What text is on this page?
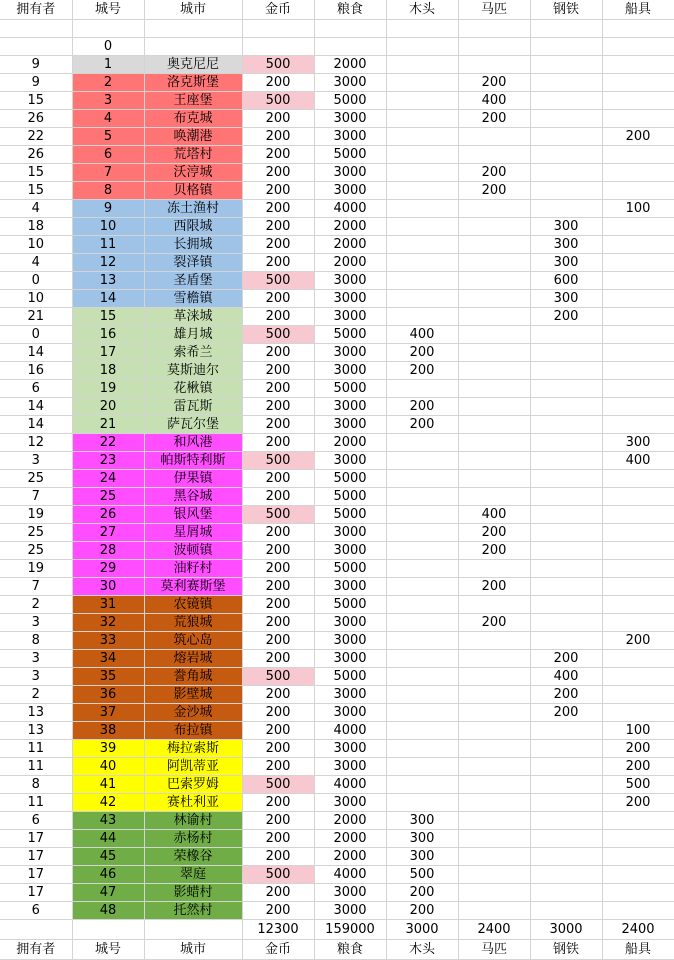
拥有者	城号	城市	金币	粮食	木头	马匹	钢铁	船具

	0							
9	1	奥克尼尼	500	2000				
9	2	洛克斯堡	200	3000		200		
15	3	王座堡	500	5000		400		
26	4	布克城	200	3000		200		
22	5	唤潮港	200	3000				200
26	6	荒塔村	200	5000				
15	7	沃涥城	200	3000		200		
15	8	贝格镇	200	3000		200		
4	9	冻土渔村	200	4000				100
18	10	西限城	200	2000			300	
10	11	长拥城	200	2000			300	
4	12	裂泽镇	200	2000			300	
0	13	圣盾堡	500	3000			600	
10	14	雪檐镇	200	3000			300	
21	15	革涞城	200	3000			200	
0	16	雄月城	500	5000	400			
14	17	索希兰	200	3000	200			
16	18	莫斯迪尔	200	3000	200			
6	19	花楸镇	200	5000				
14	20	雷瓦斯	200	3000	200			
14	21	萨瓦尔堡	200	3000	200			
12	22	和风港	200	2000				300
3	23	帕斯特利斯	500	3000				400
25	24	伊果镇	200	5000				
7	25	黑谷城	200	5000				
19	26	银风堡	500	5000		400		
25	27	星屑城	200	3000		200		
25	28	波顿镇	200	3000		200		
19	29	油籽村	200	5000				
7	30	莫利赛斯堡	200	3000		200		
2	31	农镜镇	200	5000				
3	32	荒狼城	200	3000		200		
8	33	筑心岛	200	3000				200
3	34	熔岩城	200	3000			200	
3	35	誊角城	500	5000			400	
2	36	影壁城	200	3000			200	
13	37	金沙城	200	3000			200	
13	38	布拉镇	200	4000				100
11	39	梅拉索斯	200	3000				200
11	40	阿凯蒂亚	200	3000				200
8	41	巴索罗姆	500	4000				500
11	42	赛杜利亚	200	3000				200
6	43	林谕村	200	2000	300			
17	44	赤杨村	200	2000	300			
17	45	荣橡谷	200	2000	300			
17	46	翠庭	500	4000	500			
17	47	影蜡村	200	3000	200			
6	48	托然村	200	3000	200			
			12300	159000	3000	2400	3000	2400
拥有者	城号	城市	金币	粮食	木头	马匹	钢铁	船具
